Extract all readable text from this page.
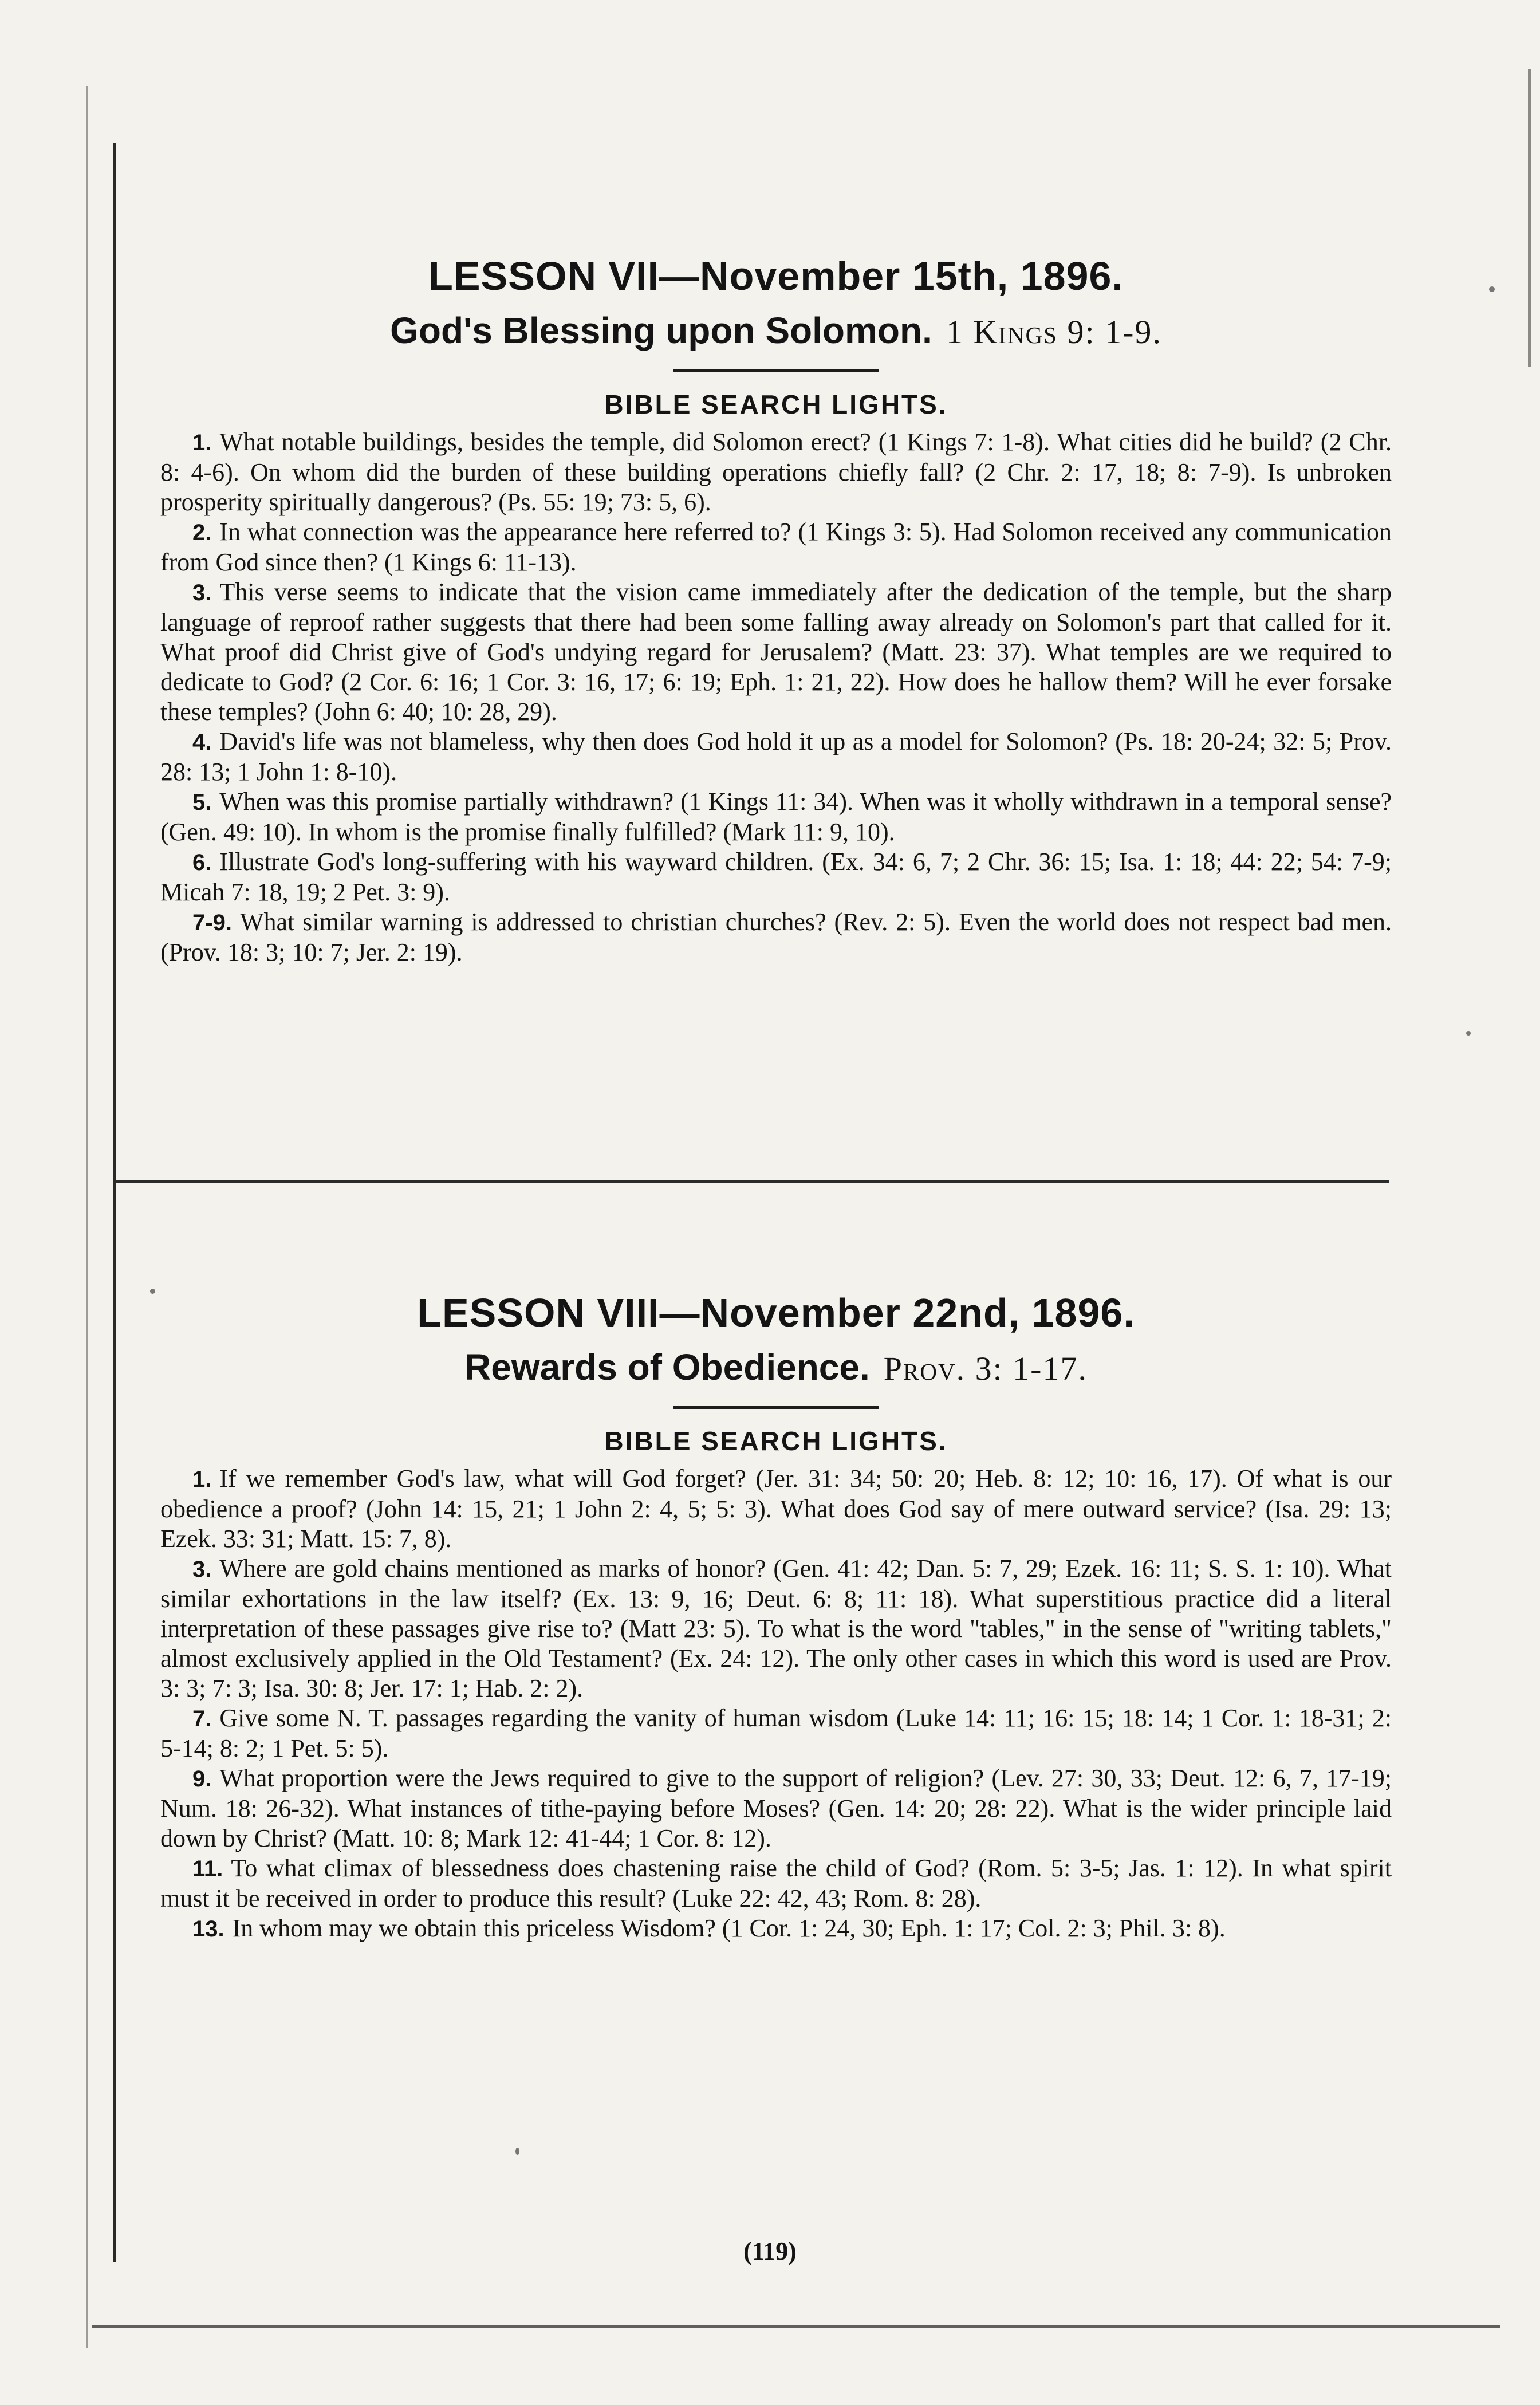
LESSON VII—November 15th, 1896.
God's Blessing upon Solomon. 1 Kings 9: 1-9.
BIBLE SEARCH LIGHTS.

1. What notable buildings, besides the temple, did Solomon erect? (1 Kings 7: 1-8). What cities did he build? (2 Chr. 8: 4-6). On whom did the burden of these building operations chiefly fall? (2 Chr. 2: 17, 18; 8: 7-9). Is unbroken prosperity spiritually dangerous? (Ps. 55: 19; 73: 5, 6).

2. In what connection was the appearance here referred to? (1 Kings 3: 5). Had Solomon received any communication from God since then? (1 Kings 6: 11-13).

3. This verse seems to indicate that the vision came immediately after the dedication of the temple, but the sharp language of reproof rather suggests that there had been some falling away already on Solomon's part that called for it. What proof did Christ give of God's undying regard for Jerusalem? (Matt. 23: 37). What temples are we required to dedicate to God? (2 Cor. 6: 16; 1 Cor. 3: 16, 17; 6: 19; Eph. 1: 21, 22). How does he hallow them? Will he ever forsake these temples? (John 6: 40; 10: 28, 29).

4. David's life was not blameless, why then does God hold it up as a model for Solomon? (Ps. 18: 20-24; 32: 5; Prov. 28: 13; 1 John 1: 8-10).

5. When was this promise partially withdrawn? (1 Kings 11: 34). When was it wholly withdrawn in a temporal sense? (Gen. 49: 10). In whom is the promise finally fulfilled? (Mark 11: 9, 10).

6. Illustrate God's long-suffering with his wayward children. (Ex. 34: 6, 7; 2 Chr. 36: 15; Isa. 1: 18; 44: 22; 54: 7-9; Micah 7: 18, 19; 2 Pet. 3: 9).

7-9. What similar warning is addressed to christian churches? (Rev. 2: 5). Even the world does not respect bad men. (Prov. 18: 3; 10: 7; Jer. 2: 19).

LESSON VIII—November 22nd, 1896.
Rewards of Obedience. Prov. 3: 1-17.
BIBLE SEARCH LIGHTS.

1. If we remember God's law, what will God forget? (Jer. 31: 34; 50: 20; Heb. 8: 12; 10: 16, 17). Of what is our obedience a proof? (John 14: 15, 21; 1 John 2: 4, 5; 5: 3). What does God say of mere outward service? (Isa. 29: 13; Ezek. 33: 31; Matt. 15: 7, 8).

3. Where are gold chains mentioned as marks of honor? (Gen. 41: 42; Dan. 5: 7, 29; Ezek. 16: 11; S. S. 1: 10). What similar exhortations in the law itself? (Ex. 13: 9, 16; Deut. 6: 8; 11: 18). What superstitious practice did a literal interpretation of these passages give rise to? (Matt 23: 5). To what is the word "tables," in the sense of "writing tablets," almost exclusively applied in the Old Testament? (Ex. 24: 12). The only other cases in which this word is used are Prov. 3: 3; 7: 3; Isa. 30: 8; Jer. 17: 1; Hab. 2: 2).

7. Give some N. T. passages regarding the vanity of human wisdom (Luke 14: 11; 16: 15; 18: 14; 1 Cor. 1: 18-31; 2: 5-14; 8: 2; 1 Pet. 5: 5).

9. What proportion were the Jews required to give to the support of religion? (Lev. 27: 30, 33; Deut. 12: 6, 7, 17-19; Num. 18: 26-32). What instances of tithe-paying before Moses? (Gen. 14: 20; 28: 22). What is the wider principle laid down by Christ? (Matt. 10: 8; Mark 12: 41-44; 1 Cor. 8: 12).

11. To what climax of blessedness does chastening raise the child of God? (Rom. 5: 3-5; Jas. 1: 12). In what spirit must it be received in order to produce this result? (Luke 22: 42, 43; Rom. 8: 28).

13. In whom may we obtain this priceless Wisdom? (1 Cor. 1: 24, 30; Eph. 1: 17; Col. 2: 3; Phil. 3: 8).

(119)
